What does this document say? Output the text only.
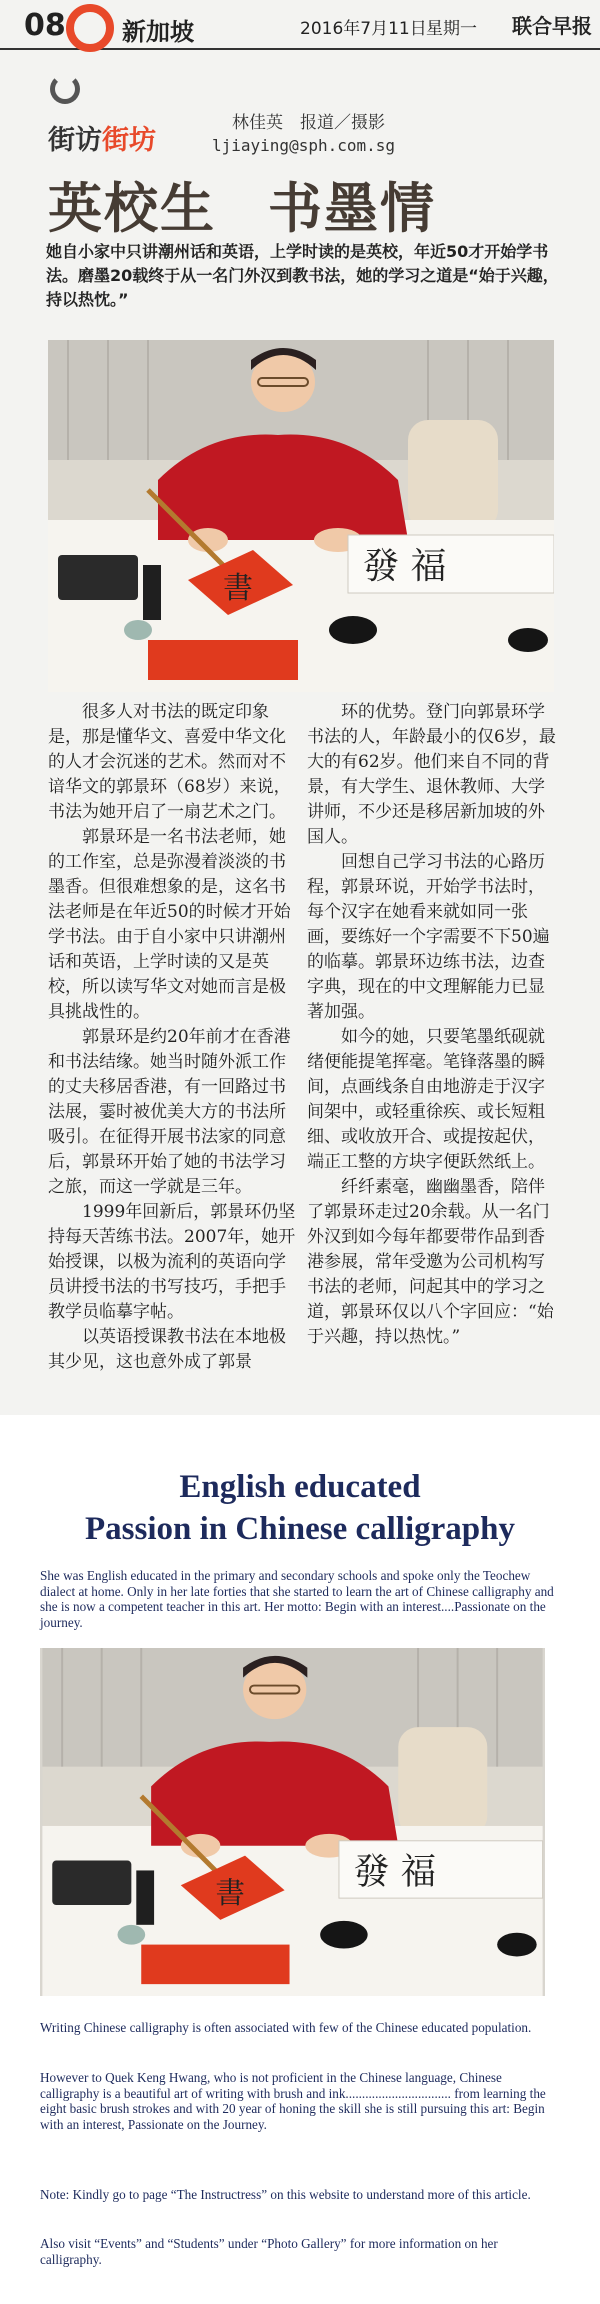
08 新加坡	2016年7月11日 星期一 联合早报
街访街坊
林佳英　报道／摄影
ljiaying@sph.com.sg
英校生 书墨情

她自小家中只讲潮州话和英语，上学时读的是英校，年近50才开始学书法。磨墨20载终于从一名门外汉到教书法，她的学习之道是“始于兴趣，持以热忱。”

書
發 福

很多人对书法的既定印象是，那是懂华文、喜爱中华文化的人才会沉迷的艺术。然而对不谙华文的郭景环（68岁）来说，书法为她开启了一扇艺术之门。

郭景环是一名书法老师，她的工作室，总是弥漫着淡淡的书墨香。但很难想象的是，这名书法老师是在年近50的时候才开始学书法。由于自小家中只讲潮州话和英语，上学时读的又是英校，所以读写华文对她而言是极具挑战性的。

郭景环是约20年前才在香港和书法结缘。她当时随外派工作的丈夫移居香港，有一回路过书法展，霎时被优美大方的书法所吸引。在征得开展书法家的同意后，郭景环开始了她的书法学习之旅，而这一学就是三年。

1999年回新后，郭景环仍坚持每天苦练书法。2007年，她开始授课，以极为流利的英语向学员讲授书法的书写技巧，手把手教学员临摹字帖。

以英语授课教书法在本地极其少见，这也意外成了郭景

环的优势。登门向郭景环学书法的人，年龄最小的仅6岁，最大的有62岁。他们来自不同的背景，有大学生、退休教师、大学讲师，不少还是移居新加坡的外国人。

回想自己学习书法的心路历程，郭景环说，开始学书法时，每个汉字在她看来就如同一张画，要练好一个字需要不下50遍的临摹。郭景环边练书法，边查字典，现在的中文理解能力已显著加强。

如今的她，只要笔墨纸砚就绪便能提笔挥毫。笔锋落墨的瞬间，点画线条自由地游走于汉字间架中，或轻重徐疾、或长短粗细、或收放开合、或提按起伏，端正工整的方块字便跃然纸上。

纤纤素毫，幽幽墨香，陪伴了郭景环走过20余载。从一名门外汉到如今每年都要带作品到香港参展，常年受邀为公司机构写书法的老师，问起其中的学习之道，郭景环仅以八个字回应：“始于兴趣，持以热忱。”

English educated
Passion in Chinese calligraphy

She was English educated in the primary and secondary schools and spoke only the Teochew dialect at home. Only in her late forties that she started to learn the art of Chinese calligraphy and she is now a competent teacher in this art. Her motto: Begin with an interest....Passionate on the journey.

書
發 福

Writing Chinese calligraphy is often associated with few of the Chinese educated population.

However to Quek Keng Hwang, who is not proficient in the Chinese language, Chinese calligraphy is a beautiful art of writing with brush and ink................................ from learning the eight basic brush strokes and with 20 year of honing the skill she is still pursuing this art: Begin with an interest, Passionate on the Journey.

Note: Kindly go to page “The Instructress” on this website to understand more of this article.

Also visit “Events” and “Students” under “Photo Gallery” for more information on her calligraphy.
